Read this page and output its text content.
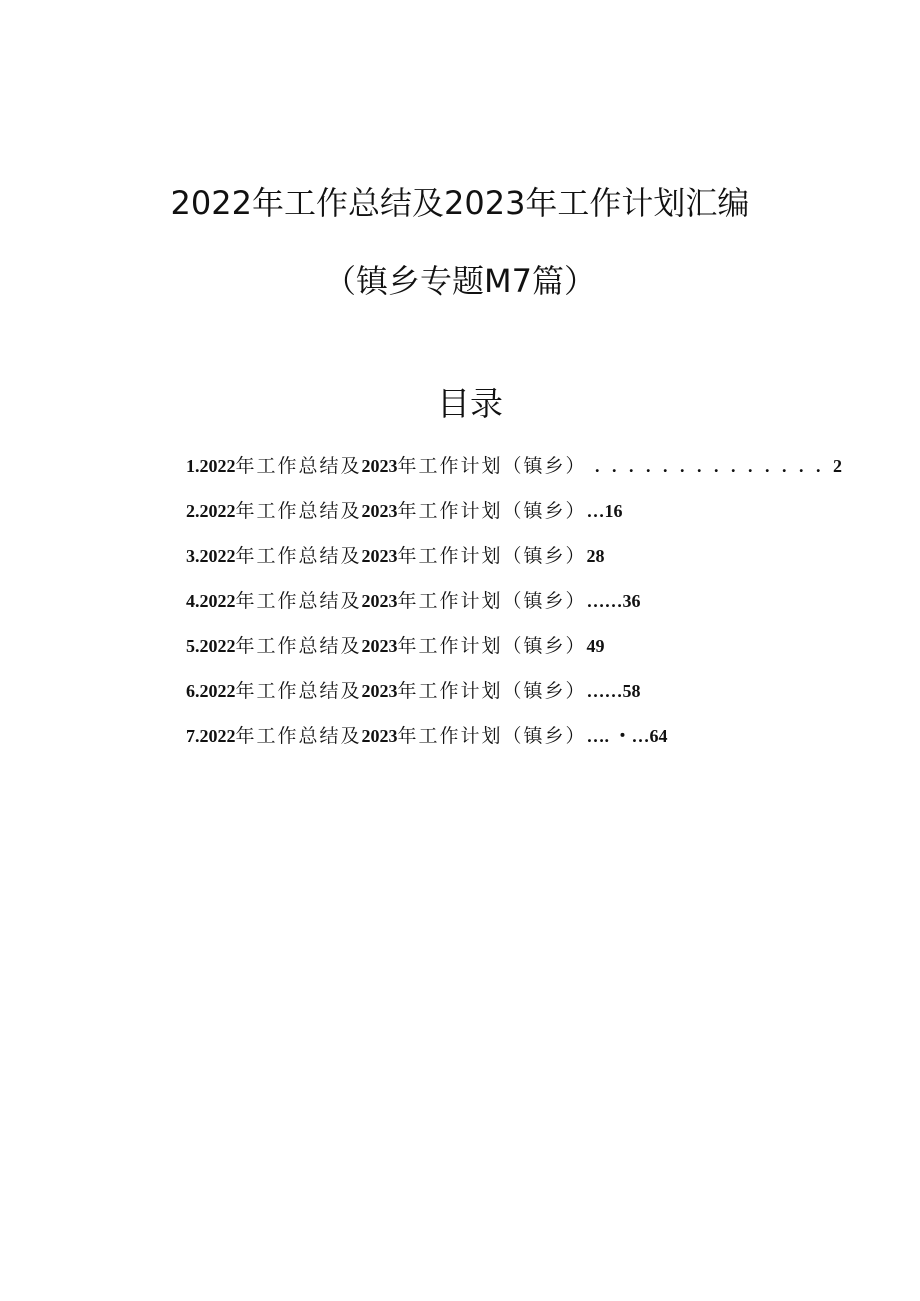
2022年工作总结及2023年工作计划汇编
（镇乡专题M7篇）
目录
1.2022年工作总结及2023年工作计划（镇乡） . . . . . . . . . . . . . . 2
2.2022年工作总结及2023年工作计划（镇乡）…16
3.2022年工作总结及2023年工作计划（镇乡）28
4.2022年工作总结及2023年工作计划（镇乡）……36
5.2022年工作总结及2023年工作计划（镇乡）49
6.2022年工作总结及2023年工作计划（镇乡）……58
7.2022年工作总结及2023年工作计划（镇乡）…. ・…64
